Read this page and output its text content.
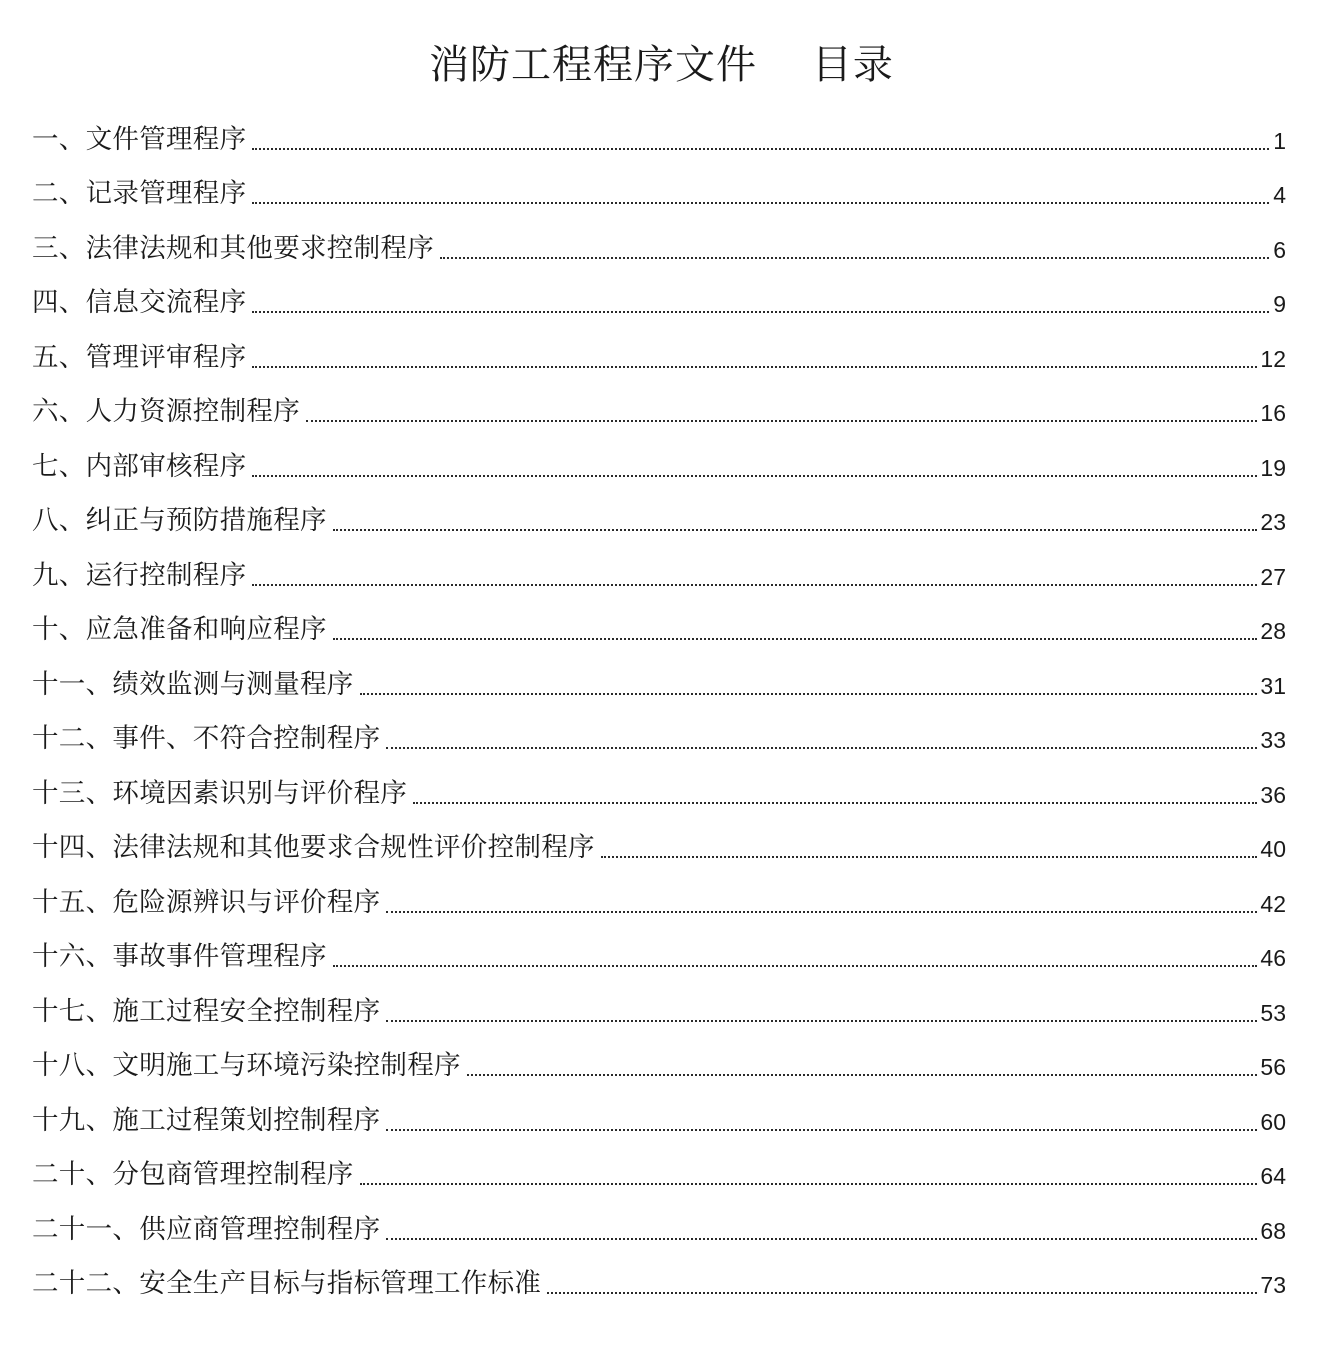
消防工程程序文件    目录
一、文件管理程序	1
二、记录管理程序	4
三、法律法规和其他要求控制程序	6
四、信息交流程序	9
五、管理评审程序	12
六、人力资源控制程序	16
七、内部审核程序	19
八、纠正与预防措施程序	23
九、运行控制程序	27
十、应急准备和响应程序	28
十一、绩效监测与测量程序	31
十二、事件、不符合控制程序	33
十三、环境因素识别与评价程序	36
十四、法律法规和其他要求合规性评价控制程序	40
十五、危险源辨识与评价程序	42
十六、事故事件管理程序	46
十七、施工过程安全控制程序	53
十八、文明施工与环境污染控制程序	56
十九、施工过程策划控制程序	60
二十、分包商管理控制程序	64
二十一、供应商管理控制程序	68
二十二、安全生产目标与指标管理工作标准	73
